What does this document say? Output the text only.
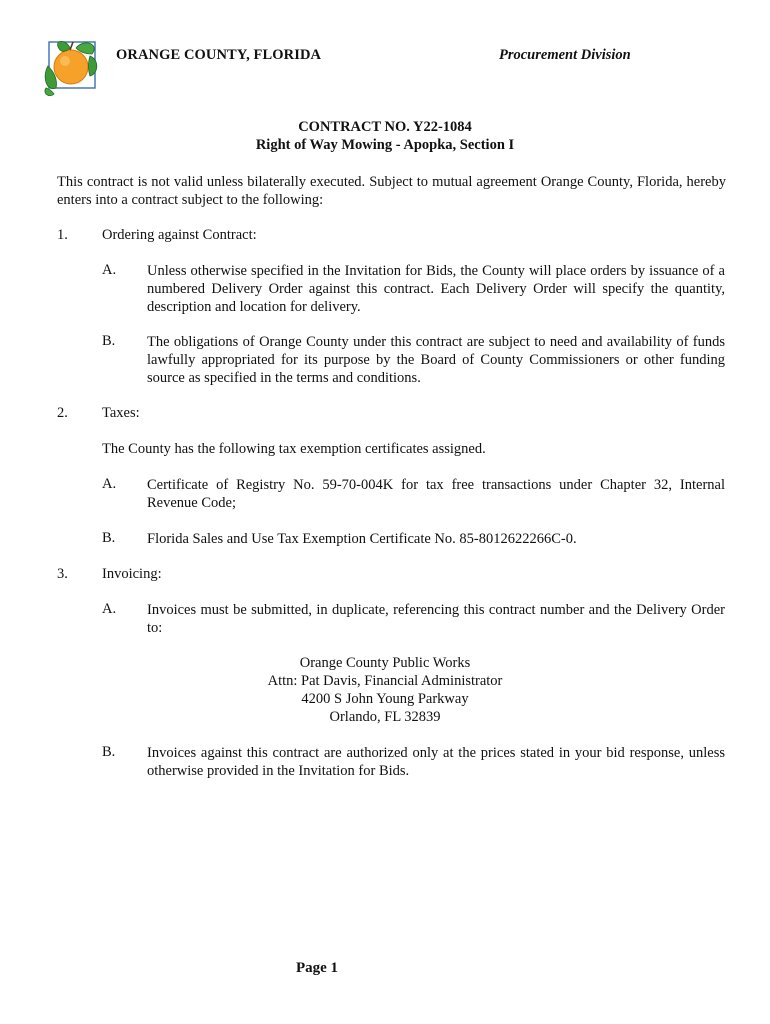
ORANGE COUNTY, FLORIDA	Procurement Division
CONTRACT NO. Y22-1084
Right of Way Mowing - Apopka, Section I
This contract is not valid unless bilaterally executed. Subject to mutual agreement Orange County, Florida, hereby enters into a contract subject to the following:
1. Ordering against Contract:
A. Unless otherwise specified in the Invitation for Bids, the County will place orders by issuance of a numbered Delivery Order against this contract. Each Delivery Order will specify the quantity, description and location for delivery.
B. The obligations of Orange County under this contract are subject to need and availability of funds lawfully appropriated for its purpose by the Board of County Commissioners or other funding source as specified in the terms and conditions.
2. Taxes:
The County has the following tax exemption certificates assigned.
A. Certificate of Registry No. 59-70-004K for tax free transactions under Chapter 32, Internal Revenue Code;
B. Florida Sales and Use Tax Exemption Certificate No. 85-8012622266C-0.
3. Invoicing:
A. Invoices must be submitted, in duplicate, referencing this contract number and the Delivery Order to:
Orange County Public Works
Attn: Pat Davis, Financial Administrator
4200 S John Young Parkway
Orlando, FL 32839
B. Invoices against this contract are authorized only at the prices stated in your bid response, unless otherwise provided in the Invitation for Bids.
Page 1
